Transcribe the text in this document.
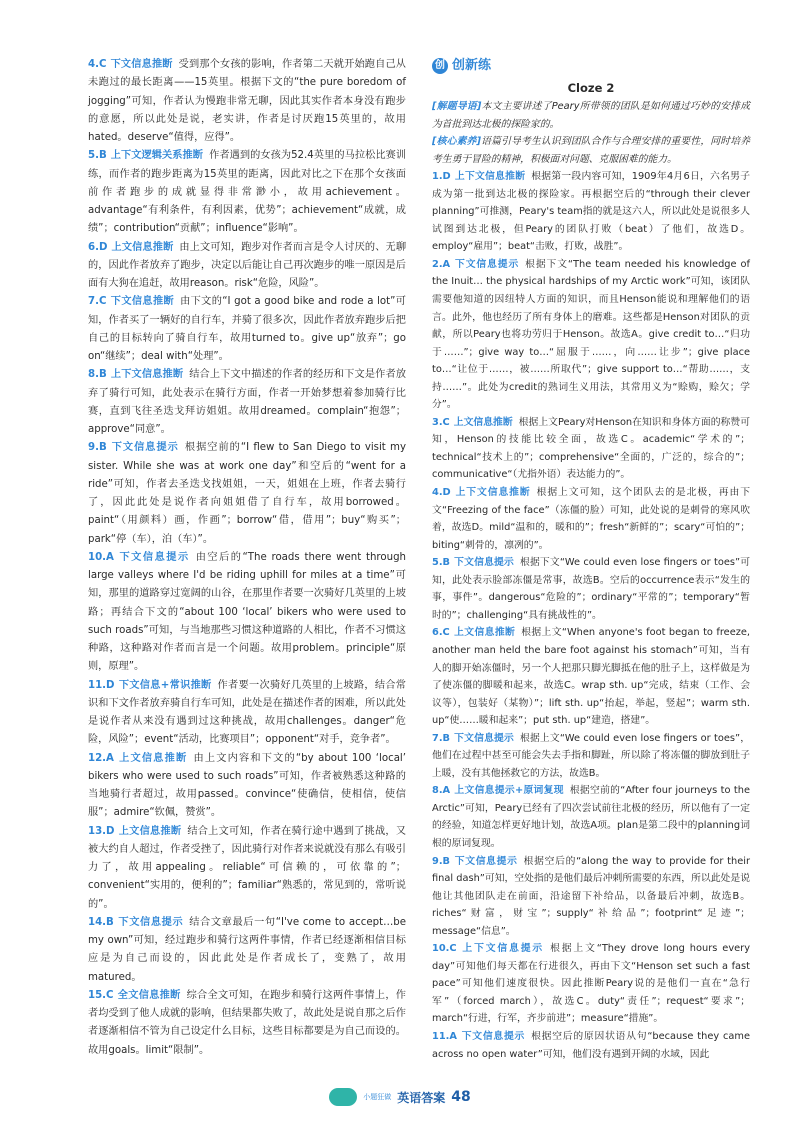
4.C 下文信息推断 受到那个女孩的影响，作者第二天就开始跑自己从未跑过的最长距离——15英里。根据下文的“the pure boredom of jogging”可知，作者认为慢跑非常无聊，因此其实作者本身没有跑步的意愿，所以此处是说，老实讲，作者是讨厌跑15英里的，故用hated。deserve“值得，应得”。
5.B 上下文逻辑关系推断 作者遇到的女孩为52.4英里的马拉松比赛训练，而作者的跑步距离为15英里的距离，因此对比之下在那个女孩面前作者跑步的成就显得非常渺小，故用achievement。advantage“有利条件，有利因素，优势”；achievement“成就，成绩”；contribution“贡献”；influence“影响”。
6.D 上文信息推断 由上文可知，跑步对作者而言是令人讨厌的、无聊的，因此作者放弃了跑步，决定以后能让自己再次跑步的唯一原因是后面有大狗在追赶，故用reason。risk“危险，风险”。
7.C 下文信息推断 由下文的“I got a good bike and rode a lot”可知，作者买了一辆好的自行车，并骑了很多次，因此作者放弃跑步后把自己的目标转向了骑自行车，故用turned to。give up“放弃”；go on“继续”；deal with“处理”。
8.B 上下文信息推断 结合上下文中描述的作者的经历和下文是作者放弃了骑行可知，此处表示在骑行方面，作者一开始梦想着参加骑行比赛，直到飞往圣迭戈拜访姐姐。故用dreamed。complain“抱怨”；approve“同意”。
9.B 下文信息提示 根据空前的“I flew to San Diego to visit my sister. While she was at work one day”和空后的“went for a ride”可知，作者去圣迭戈找姐姐，一天，姐姐在上班，作者去骑行了，因此此处是说作者向姐姐借了自行车，故用borrowed。paint“（用颜料）画，作画”；borrow“借，借用”；buy“购买”；park“停（车），泊（车）”。
10.A 下文信息提示 由空后的“The roads there went through large valleys where I'd be riding uphill for miles at a time”可知，那里的道路穿过宽阔的山谷，在那里作者要一次骑好几英里的上坡路；再结合下文的“about 100 ‘local’ bikers who were used to such roads”可知，与当地那些习惯这种道路的人相比，作者不习惯这种路，这种路对作者而言是一个问题。故用problem。principle“原则，原理”。
11.D 下文信息+常识推断 作者要一次骑好几英里的上坡路，结合常识和下文作者放弃骑自行车可知，此处是在描述作者的困难，所以此处是说作者从来没有遇到过这种挑战，故用challenges。danger“危险，风险”；event“活动，比赛项目”；opponent“对手，竞争者”。
12.A 上文信息推断 由上文内容和下文的“by about 100 ‘local’ bikers who were used to such roads”可知，作者被熟悉这种路的当地骑行者超过，故用passed。convince“使确信，使相信，使信服”；admire“钦佩，赞赏”。
13.D 上文信息推断 结合上文可知，作者在骑行途中遇到了挑战，又被大约自人超过，作者受挫了，因此骑行对作者来说就没有那么有吸引力了，故用appealing。reliable“可信赖的，可依靠的”；convenient“实用的，便利的”；familiar“熟悉的，常见到的，常听说的”。
14.B 下文信息提示 结合文章最后一句“I've come to accept…be my own”可知，经过跑步和骑行这两件事情，作者已经逐渐相信目标应是为自己而设的，因此此处是作者成长了，变熟了，故用matured。
15.C 全文信息推断 综合全文可知，在跑步和骑行这两件事情上，作者均受到了他人成就的影响，但结果都失败了，故此处是说自那之后作者逐渐相信不管为自己设定什么目标，这些目标都要是为自己而设的。故用goals。limit“限制”。
创 创新练
Cloze 2
[解题导语]本文主要讲述了Peary所带领的团队是如何通过巧妙的安排成为首批到达北极的探险家的。
[核心素养]语篇引导考生认识到团队合作与合理安排的重要性，同时培养考生勇于冒险的精神，积极面对问题、克服困难的能力。
1.D 上下文信息推断 根据第一段内容可知，1909年4月6日，六名男子成为第一批到达北极的探险家。再根据空后的“through their clever planning”可推测，Peary's team指的就是这六人，所以此处是说很多人试图到达北极，但Peary的团队打败（beat）了他们，故选D。employ“雇用”；beat“击败，打败，战胜”。
2.A 下文信息提示 根据下文“The team needed his knowledge of the Inuit… the physical hardships of my Arctic work”可知，该团队需要他知道的因纽特人方面的知识，而且Henson能说和理解他们的语言。此外，他也经历了所有身体上的磨难。这些都是Henson对团队的贡献，所以Peary也将功劳归于Henson。故选A。give credit to…“归功于……”；give way to…“屈服于……，向……让步”；give place to…“让位于……，被……所取代”；give support to…“帮助……，支持……”。此处为credit的熟词生义用法，其常用义为“赊购，赊欠；学分”。
3.C 上文信息推断 根据上文Peary对Henson在知识和身体方面的称赞可知，Henson的技能比较全面，故选C。academic“学术的”；technical“技术上的”；comprehensive“全面的，广泛的，综合的”；communicative“（尤指外语）表达能力的”。
4.D 上下文信息推断 根据上文可知，这个团队去的是北极，再由下文“Freezing of the face”（冻僵的脸）可知，此处说的是刺骨的寒风吹着，故选D。mild“温和的，暖和的”；fresh“新鲜的”；scary“可怕的”；biting“刺骨的，凛冽的”。
5.B 下文信息提示 根据下文“We could even lose fingers or toes”可知，此处表示脸部冻僵是常事，故选B。空后的occurrence表示“发生的事，事件”。dangerous“危险的”；ordinary“平常的”；temporary“暂时的”；challenging“具有挑战性的”。
6.C 上文信息推断 根据上文“When anyone's foot began to freeze, another man held the bare foot against his stomach”可知，当有人的脚开始冻僵时，另一个人把那只脚光脚抵在他的肚子上，这样做是为了使冻僵的脚暖和起来，故选C。wrap sth. up“完成，结束（工作、会议等），包装好（某物）”；lift sth. up“抬起，举起，竖起”；warm sth. up“使……暖和起来”；put sth. up“建造，搭建”。
7.B 下文信息提示 根据上文“We could even lose fingers or toes”，他们在过程中甚至可能会失去手指和脚趾，所以除了将冻僵的脚放到肚子上暖，没有其他拯救它的方法，故选B。
8.A 上文信息提示+原词复现 根据空前的“After four journeys to the Arctic”可知，Peary已经有了四次尝试前往北极的经历，所以他有了一定的经验，知道怎样更好地计划，故选A项。plan是第二段中的planning词根的原词复现。
9.B 下文信息提示 根据空后的“along the way to provide for their final dash”可知，空处指的是他们最后冲刺所需要的东西，所以此处是说他让其他团队走在前面，沿途留下补给品，以备最后冲刺，故选B。riches“财富，财宝”；supply“补给品”；footprint“足迹”；message“信息”。
10.C 上下文信息提示 根据上文“They drove long hours every day”可知他们每天都在行进很久，再由下文“Henson set such a fast pace”可知他们速度很快。因此推断Peary说的是他们一直在“急行军”（forced march），故选C。duty“责任”；request“要求”；march“行进，行军，齐步前进”；measure“措施”。
11.A 下文信息提示 根据空后的原因状语从句“because they came across no open water”可知，他们没有遇到开阔的水域，因此
小题狂做 英语答案 48
